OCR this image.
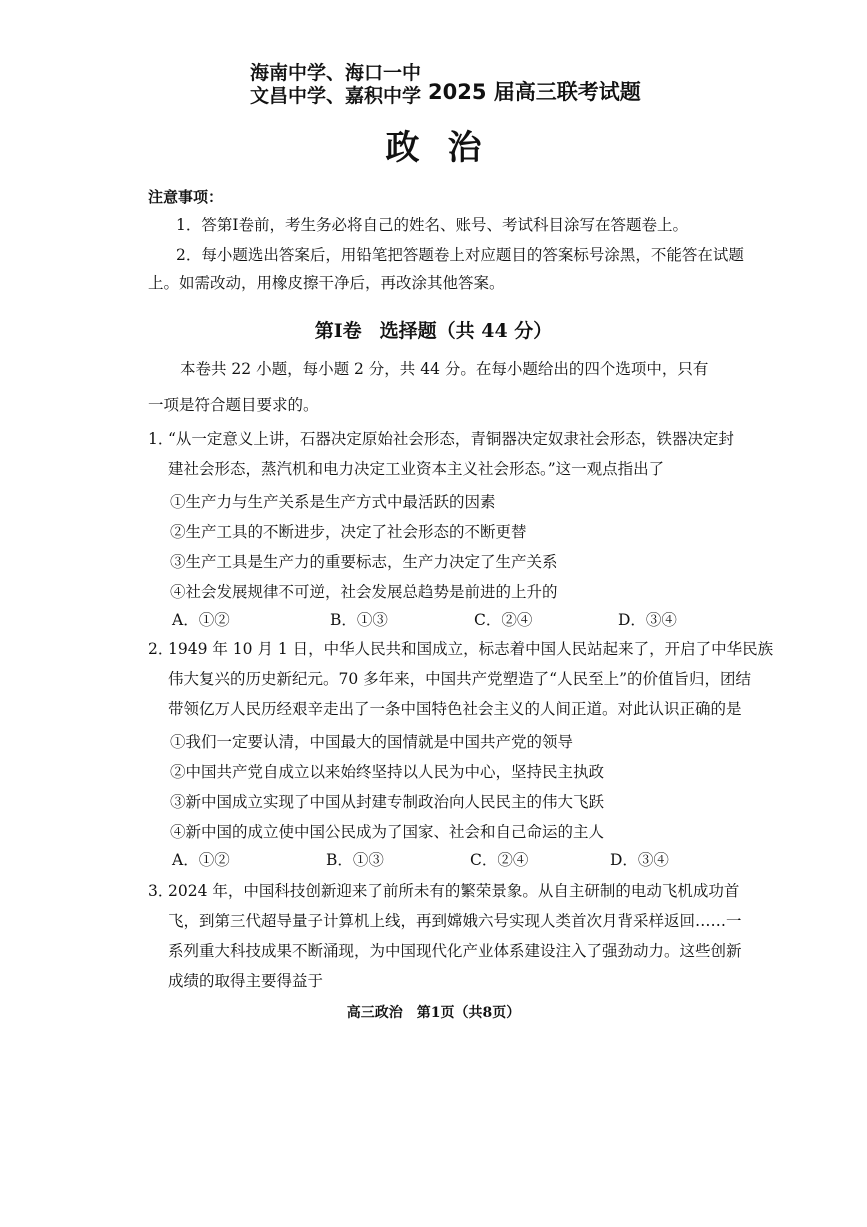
海南中学、海口一中
文昌中学、嘉积中学 2025 届高三联考试题
政治
注意事项：
1．答第Ⅰ卷前，考生务必将自己的姓名、账号、考试科目涂写在答题卷上。
2．每小题选出答案后，用铅笔把答题卷上对应题目的答案标号涂黑，不能答在试题
上。如需改动，用橡皮擦干净后，再改涂其他答案。
第Ⅰ卷 选择题（共 44 分）
本卷共 22 小题，每小题 2 分，共 44 分。在每小题给出的四个选项中，只有
一项是符合题目要求的。
1．
“从一定意义上讲，石器决定原始社会形态，青铜器决定奴隶社会形态，铁器决定封
建社会形态，蒸汽机和电力决定工业资本主义社会形态。”这一观点指出了
①生产力与生产关系是生产方式中最活跃的因素
②生产工具的不断进步，决定了社会形态的不断更替
③生产工具是生产力的重要标志，生产力决定了生产关系
④社会发展规律不可逆，社会发展总趋势是前进的上升的
A．①②	B．①③	C．②④	D．③④
2．
1949 年 10 月 1 日，中华人民共和国成立，标志着中国人民站起来了，开启了中华民族
伟大复兴的历史新纪元。70 多年来，中国共产党塑造了“人民至上”的价值旨归，团结
带领亿万人民历经艰辛走出了一条中国特色社会主义的人间正道。对此认识正确的是
①我们一定要认清，中国最大的国情就是中国共产党的领导
②中国共产党自成立以来始终坚持以人民为中心，坚持民主执政
③新中国成立实现了中国从封建专制政治向人民民主的伟大飞跃
④新中国的成立使中国公民成为了国家、社会和自己命运的主人
A．①②	B．①③	C．②④	D．③④
3．
2024 年，中国科技创新迎来了前所未有的繁荣景象。从自主研制的电动飞机成功首
飞，到第三代超导量子计算机上线，再到嫦娥六号实现人类首次月背采样返回……一
系列重大科技成果不断涌现，为中国现代化产业体系建设注入了强劲动力。这些创新
成绩的取得主要得益于
高三政治　第1页（共8页）
